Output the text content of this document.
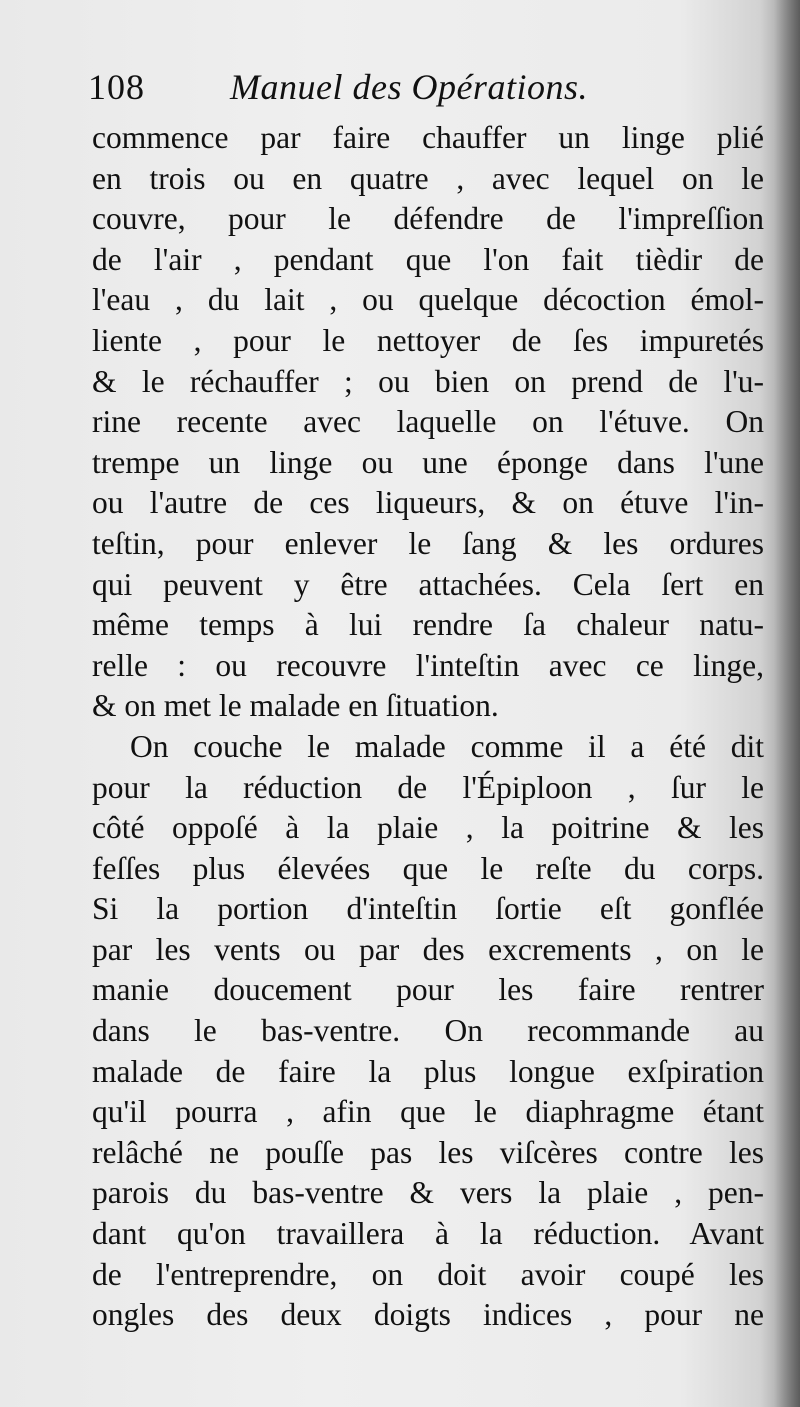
108 Manuel des Opérations.
commence par faire chauffer un linge plié
en trois ou en quatre , avec lequel on le
couvre, pour le défendre de l'impreſſion
de l'air , pendant que l'on fait tièdir de
l'eau , du lait , ou quelque décoction émol-
liente , pour le nettoyer de ſes impuretés
& le réchauffer ; ou bien on prend de l'u-
rine recente avec laquelle on l'étuve. On
trempe un linge ou une éponge dans l'une
ou l'autre de ces liqueurs, & on étuve l'in-
teſtin, pour enlever le ſang & les ordures
qui peuvent y être attachées. Cela ſert en
même temps à lui rendre ſa chaleur natu-
relle : ou recouvre l'inteſtin avec ce linge,
& on met le malade en ſituation.
On couche le malade comme il a été dit
pour la réduction de l'Épiploon , ſur le
côté oppoſé à la plaie , la poitrine & les
feſſes plus élevées que le reſte du corps.
Si la portion d'inteſtin ſortie eſt gonflée
par les vents ou par des excrements , on le
manie doucement pour les faire rentrer
dans le bas-ventre. On recommande au
malade de faire la plus longue exſpiration
qu'il pourra , afin que le diaphragme étant
relâché ne pouſſe pas les viſcères contre les
parois du bas-ventre & vers la plaie , pen-
dant qu'on travaillera à la réduction. Avant
de l'entreprendre, on doit avoir coupé les
ongles des deux doigts indices , pour ne
